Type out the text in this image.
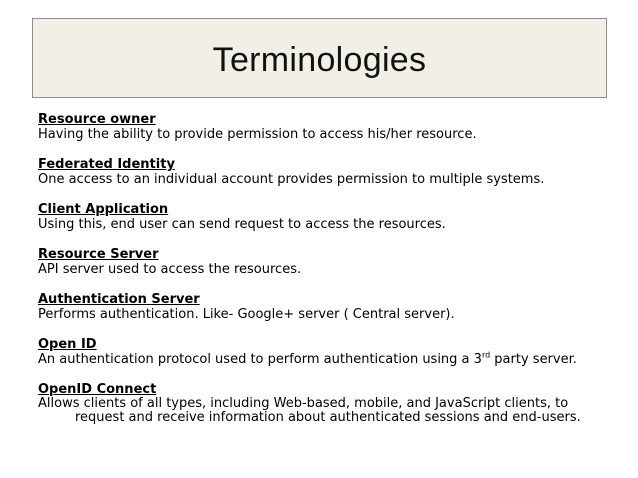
Terminologies
Resource owner
Having the ability to provide permission to access his/her resource.
Federated Identity
One access to an individual account provides permission to multiple systems.
Client Application
Using this, end user can send request to access the resources.
Resource Server
API server used to access the resources.
Authentication Server
Performs authentication. Like- Google+ server ( Central server).
Open ID
An authentication protocol used to perform authentication using a 3rd party server.
OpenID Connect
Allows clients of all types, including Web-based, mobile, and JavaScript clients, to request and receive information about authenticated sessions and end-users.
